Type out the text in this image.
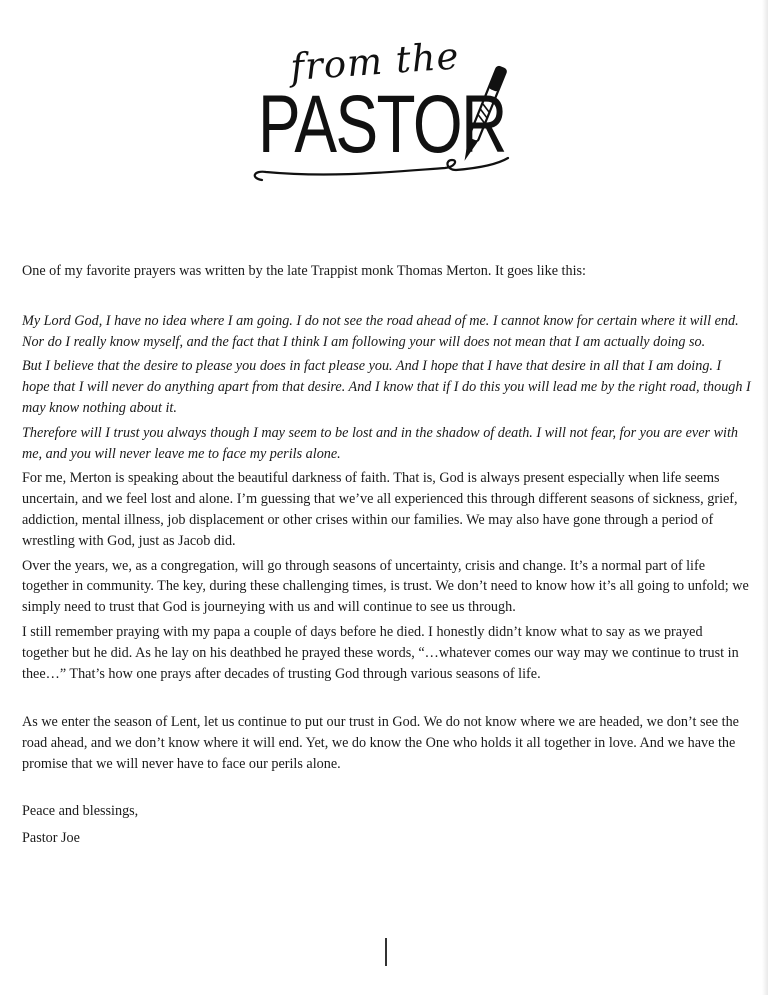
from the
PASTOR

One of my favorite prayers was written by the late Trappist monk Thomas Merton. It goes like this:

My Lord God, I have no idea where I am going. I do not see the road ahead of me. I cannot know for certain where it will end. Nor do I really know myself, and the fact that I think I am following your will does not mean that I am actually doing so.

But I believe that the desire to please you does in fact please you. And I hope that I have that desire in all that I am doing. I hope that I will never do anything apart from that desire. And I know that if I do this you will lead me by the right road, though I may know nothing about it.

Therefore will I trust you always though I may seem to be lost and in the shadow of death. I will not fear, for you are ever with me, and you will never leave me to face my perils alone.

For me, Merton is speaking about the beautiful darkness of faith. That is, God is always present especially when life seems uncertain, and we feel lost and alone. I’m guessing that we’ve all experienced this through different seasons of sickness, grief, addiction, mental illness, job displacement or other crises within our families. We may also have gone through a period of wrestling with God, just as Jacob did.

Over the years, we, as a congregation, will go through seasons of uncertainty, crisis and change. It’s a normal part of life together in community. The key, during these challenging times, is trust. We don’t need to know how it’s all going to unfold; we simply need to trust that God is journeying with us and will continue to see us through.

I still remember praying with my papa a couple of days before he died. I honestly didn’t know what to say as we prayed together but he did. As he lay on his deathbed he prayed these words, “…whatever comes our way may we continue to trust in thee…” That’s how one prays after decades of trusting God through various seasons of life.

As we enter the season of Lent, let us continue to put our trust in God. We do not know where we are headed, we don’t see the road ahead, and we don’t know where it will end. Yet, we do know the One who holds it all together in love. And we have the promise that we will never have to face our perils alone.

Peace and blessings,

Pastor Joe
